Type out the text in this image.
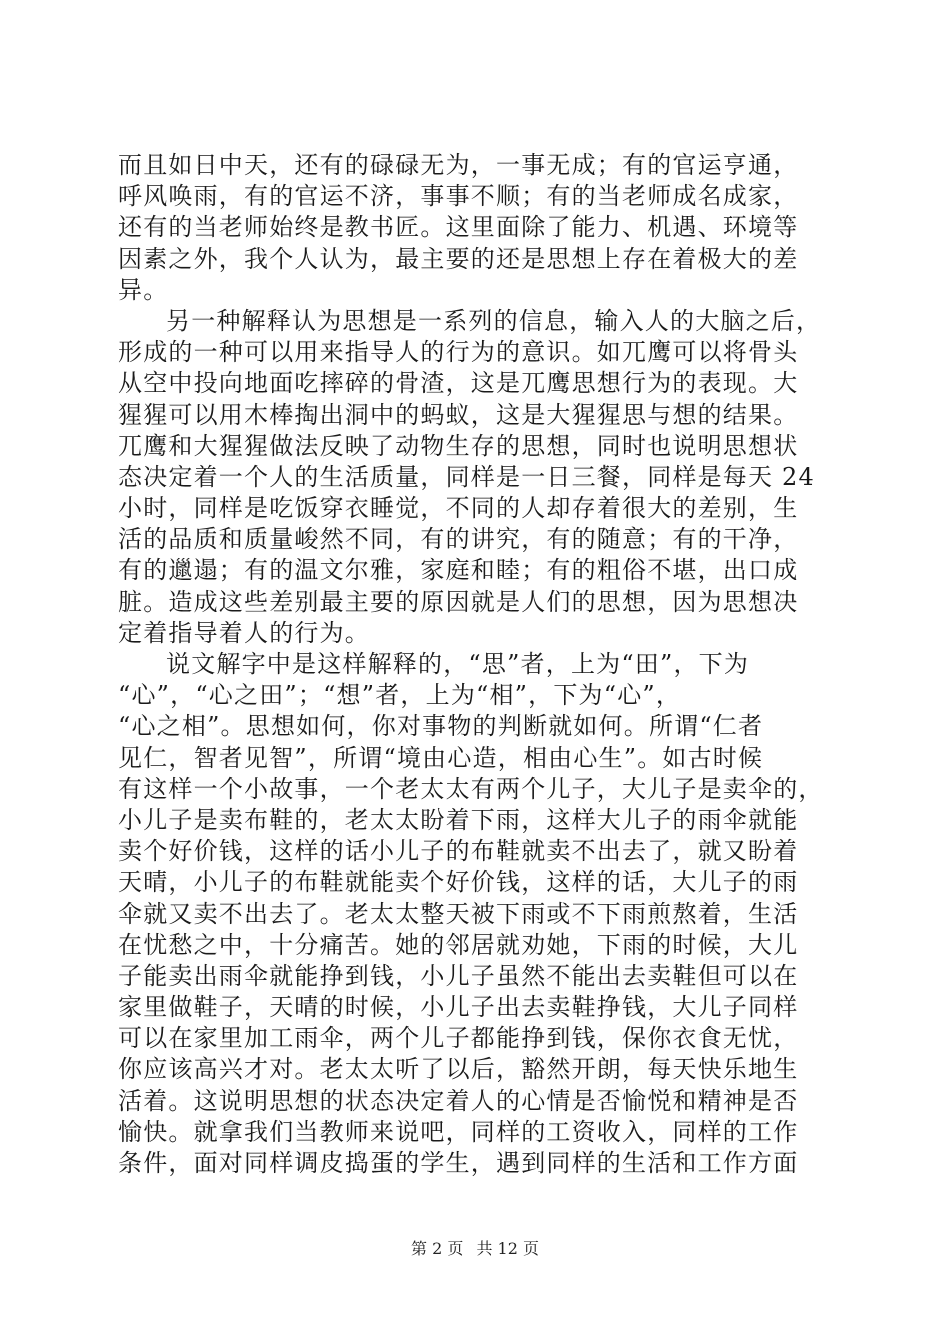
而且如日中天，还有的碌碌无为，一事无成；有的官运亨通，
呼风唤雨，有的官运不济，事事不顺；有的当老师成名成家，
还有的当老师始终是教书匠。这里面除了能力、机遇、环境等
因素之外，我个人认为，最主要的还是思想上存在着极大的差
异。
另一种解释认为思想是一系列的信息，输入人的大脑之后，
形成的一种可以用来指导人的行为的意识。如兀鹰可以将骨头
从空中投向地面吃摔碎的骨渣，这是兀鹰思想行为的表现。大
猩猩可以用木棒掏出洞中的蚂蚁，这是大猩猩思与想的结果。
兀鹰和大猩猩做法反映了动物生存的思想，同时也说明思想状
态决定着一个人的生活质量，同样是一日三餐，同样是每天 24
小时，同样是吃饭穿衣睡觉，不同的人却存着很大的差别，生
活的品质和质量峻然不同，有的讲究，有的随意；有的干净，
有的邋遢；有的温文尔雅，家庭和睦；有的粗俗不堪，出口成
脏。造成这些差别最主要的原因就是人们的思想，因为思想决
定着指导着人的行为。
说文解字中是这样解释的，“思”者，上为“田”，下为
“心”，“心之田”；“想”者，上为“相”，下为“心”，
“心之相”。思想如何，你对事物的判断就如何。所谓“仁者
见仁，智者见智”，所谓“境由心造，相由心生”。如古时候
有这样一个小故事，一个老太太有两个儿子，大儿子是卖伞的，
小儿子是卖布鞋的，老太太盼着下雨，这样大儿子的雨伞就能
卖个好价钱，这样的话小儿子的布鞋就卖不出去了，就又盼着
天晴，小儿子的布鞋就能卖个好价钱，这样的话，大儿子的雨
伞就又卖不出去了。老太太整天被下雨或不下雨煎熬着，生活
在忧愁之中，十分痛苦。她的邻居就劝她，下雨的时候，大儿
子能卖出雨伞就能挣到钱，小儿子虽然不能出去卖鞋但可以在
家里做鞋子，天晴的时候，小儿子出去卖鞋挣钱，大儿子同样
可以在家里加工雨伞，两个儿子都能挣到钱，保你衣食无忧，
你应该高兴才对。老太太听了以后，豁然开朗，每天快乐地生
活着。这说明思想的状态决定着人的心情是否愉悦和精神是否
愉快。就拿我们当教师来说吧，同样的工资收入，同样的工作
条件，面对同样调皮捣蛋的学生，遇到同样的生活和工作方面
第 2 页 共 12 页
